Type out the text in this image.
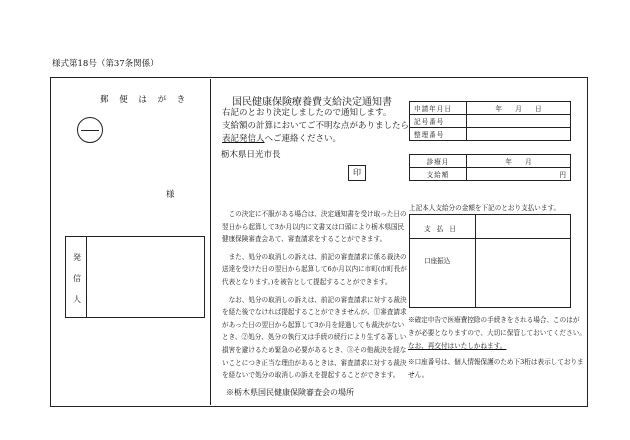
様式第18号（第37条関係）
郵 便 は が き
様
発 信 人
国民健康保険療養費支給決定通知書
右記のとおり決定しましたので通知します。
支給額の計算においてご不明な点がありましたら
表記発信人へご連絡ください。
栃木県日光市長
印

この決定に不服がある場合は、決定通知書を受け取った日の翌日から起算して3か月以内に文書又は口頭により栃木県国民健康保険審査会あて、審査請求をすることができます。

また、処分の取消しの訴えは、前記の審査請求に係る裁決の送達を受けた日の翌日から起算して6か月以内に市町(市町長が代表となります。)を被告として提起することができます。

なお、処分の取消しの訴えは、前記の審査請求に対する裁決を経た後でなければ提起することができませんが、①審査請求があった日の翌日から起算して3か月を経過しても裁決がないとき、②処分、処分の執行又は手続の続行により生ずる著しい損害を避けるため緊急の必要があるとき、③その他裁決を経ないことにつき正当な理由があるときは、審査請求に対する裁決を経ないで処分の取消しの訴えを提起することができます。

※栃木県国民健康保険審査会の場所
申請年月日	年　　月　　日
記号番号	
整理番号	
診療月	年　　月
支給額	円
上記本人支給分の金額を下記のとおり支払います。
支 払 日
口座振込

※確定申告で医療費控除の手続きをされる場合、このはがきが必要となりますので、大切に保管しておいてください。
なお、再交付はいたしかねます。

※口座番号は、個人情報保護のため下3桁は表示しておりません。
